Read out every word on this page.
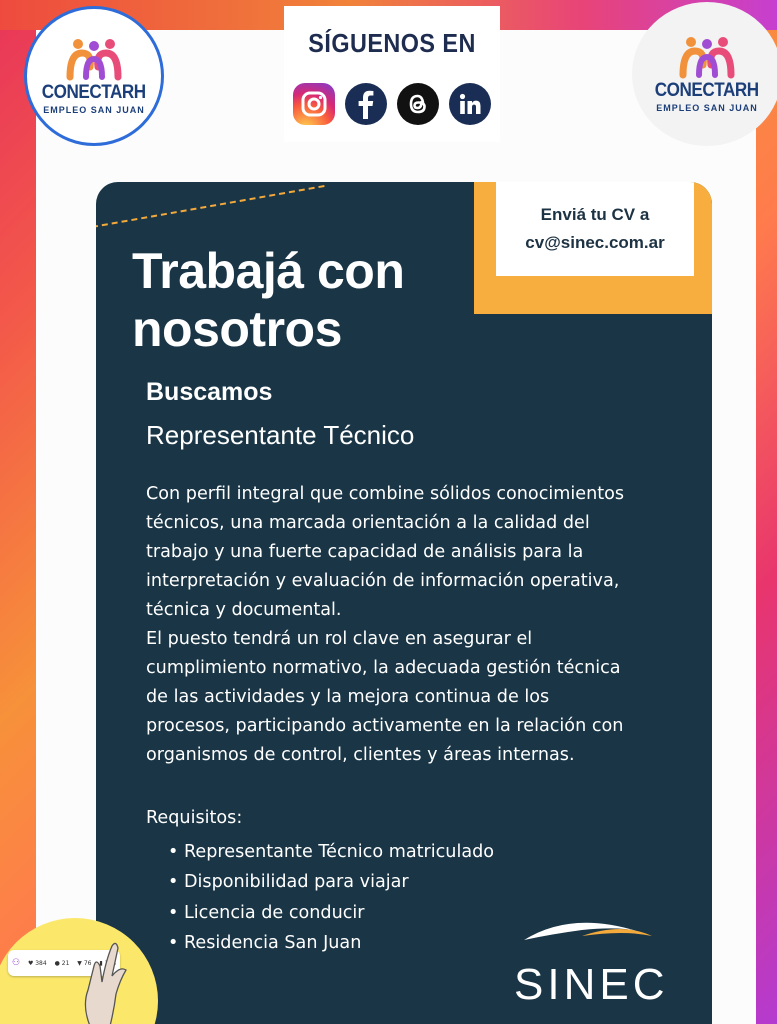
CONECTARH
EMPLEO SAN JUAN
CONECTARH
EMPLEO SAN JUAN
SÍGUENOS EN
Enviá tu CV a
cv@sinec.com.ar
Trabajá con
nosotros
Buscamos
Representante Técnico
Con perfil integral que combine sólidos conocimientos
técnicos, una marcada orientación a la calidad del
trabajo y una fuerte capacidad de análisis para la
interpretación y evaluación de información operativa,
técnica y documental.
El puesto tendrá un rol clave en asegurar el
cumplimiento normativo, la adecuada gestión técnica
de las actividades y la mejora continua de los
procesos, participando activamente en la relación con
organismos de control, clientes y áreas internas.
Requisitos:
• Representante Técnico matriculado
• Disponibilidad para viajar
• Licencia de conducir
• Residencia San Juan
SINEC
⚇ ♥ 384 ● 21 ▼ 76 ▮
